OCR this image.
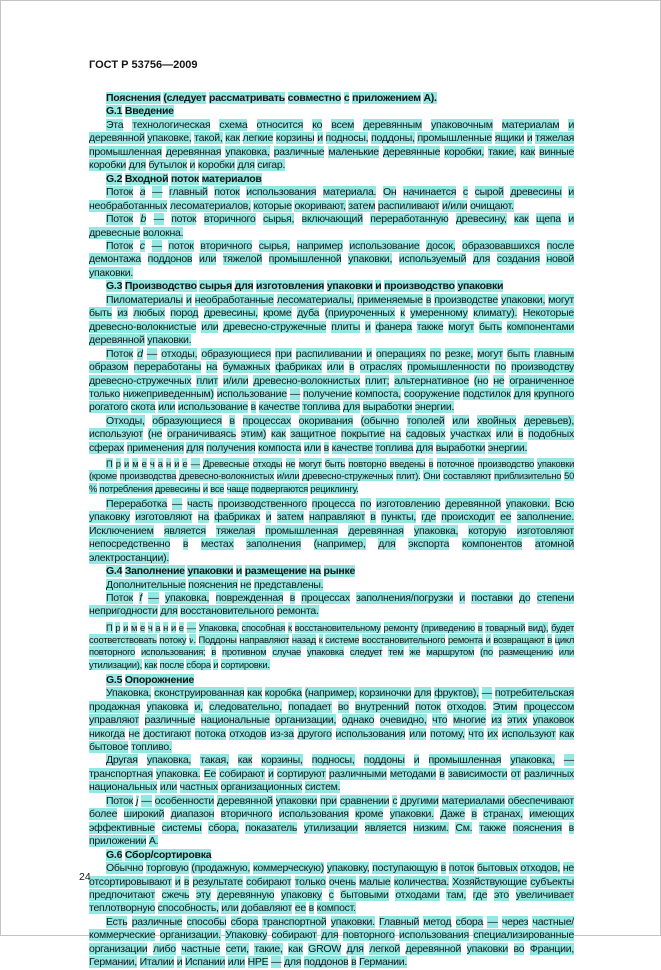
ГОСТ Р 53756—2009

Пояснения (следует рассматривать совместно с приложением А).

G.1 Введение

Эта технологическая схема относится ко всем деревянным упаковочным материалам и деревянной упаковке, такой, как легкие корзины и подносы, поддоны, промышленные ящики и тяжелая промышленная деревянная упаковка, различные маленькие деревянные коробки, такие, как винные коробки для бутылок и коробки для сигар.

G.2 Входной поток материалов

Поток a — главный поток использования материала. Он начинается с сырой древесины и необработанных лесоматериалов, которые окоривают, затем распиливают и/или очищают.

Поток b — поток вторичного сырья, включающий переработанную древесину, как щепа и древесные волокна.

Поток c — поток вторичного сырья, например использование досок, образовавшихся после демонтажа поддонов или тяжелой промышленной упаковки, используемый для создания новой упаковки.

G.3 Производство сырья для изготовления упаковки и производство упаковки

Пиломатериалы и необработанные лесоматериалы, применяемые в производстве упаковки, могут быть из любых пород древесины, кроме дуба (приуроченных к умеренному климату). Некоторые древесно-волокнистые или древесно-стружечные плиты и фанера также могут быть компонентами деревянной упаковки.

Поток d — отходы, образующиеся при распиливании и операциях по резке, могут быть главным образом переработаны на бумажных фабриках или в отраслях промышленности по производству древесно-стружечных плит и/или древесно-волокнистых плит; альтернативное (но не ограниченное только нижеприведенным) использование — получение компоста, сооружение подстилок для крупного рогатого скота или использование в качестве топлива для выработки энергии.

Отходы, образующиеся в процессах окоривания (обычно тополей или хвойных деревьев), используют (не ограничиваясь этим) как защитное покрытие на садовых участках или в подобных сферах применения для получения компоста или в качестве топлива для выработки энергии.

П р и м е ч а н и е — Древесные отходы не могут быть повторно введены в поточное производство упаковки (кроме производства древесно-волокнистых и/или древесно-стружечных плит). Они составляют приблизительно 50 % потребления древесины и все чаще подвергаются рециклингу.

Переработка — часть производственного процесса по изготовлению деревянной упаковки. Всю упаковку изготовляют на фабриках и затем направляют в пункты, где происходит ее заполнение. Исключением является тяжелая промышленная деревянная упаковка, которую изготовляют непосредственно в местах заполнения (например, для экспорта компонентов атомной электростанции).

G.4 Заполнение упаковки и размещение на рынке

Дополнительные пояснения не представлены.

Поток f — упаковка, поврежденная в процессах заполнения/погрузки и поставки до степени непригодности для восстановительного ремонта.

П р и м е ч а н и е — Упаковка, способная к восстановительному ремонту (приведению в товарный вид), будет соответствовать потоку v. Поддоны направляют назад к системе восстановительного ремонта и возвращают в цикл повторного использования; в противном случае упаковка следует тем же маршрутом (по размещению или утилизации), как после сбора и сортировки.

G.5 Опорожнение

Упаковка, сконструированная как коробка (например, корзиночки для фруктов), — потребительская продажная упаковка и, следовательно, попадает во внутренний поток отходов. Этим процессом управляют различные национальные организации, однако очевидно, что многие из этих упаковок никогда не достигают потока отходов из-за другого использования или потому, что их используют как бытовое топливо.

Другая упаковка, такая, как корзины, подносы, поддоны и промышленная упаковка, — транспортная упаковка. Ее собирают и сортируют различными методами в зависимости от различных национальных или частных организационных систем.

Поток j — особенности деревянной упаковки при сравнении с другими материалами обеспечивают более широкий диапазон вторичного использования кроме упаковки. Даже в странах, имеющих эффективные системы сбора, показатель утилизации является низким. См. также пояснения в приложении А.

G.6 Сбор/сортировка

Обычно торговую (продажную, коммерческую) упаковку, поступающую в поток бытовых отходов, не отсортировывают и в результате собирают только очень малые количества. Хозяйствующие субъекты предпочитают сжечь эту деревянную упаковку с бытовыми отходами там, где это увеличивает теплотворную способность, или добавляют ее в компост.

Есть различные способы сбора транспортной упаковки. Главный метод сбора — через частные/коммерческие организации. Упаковку собирают для повторного использования специализированные организации либо частные сети, такие, как GROW для легкой деревянной упаковки во Франции, Германии, Италии и Испании или HPE — для поддонов в Германии.

24
